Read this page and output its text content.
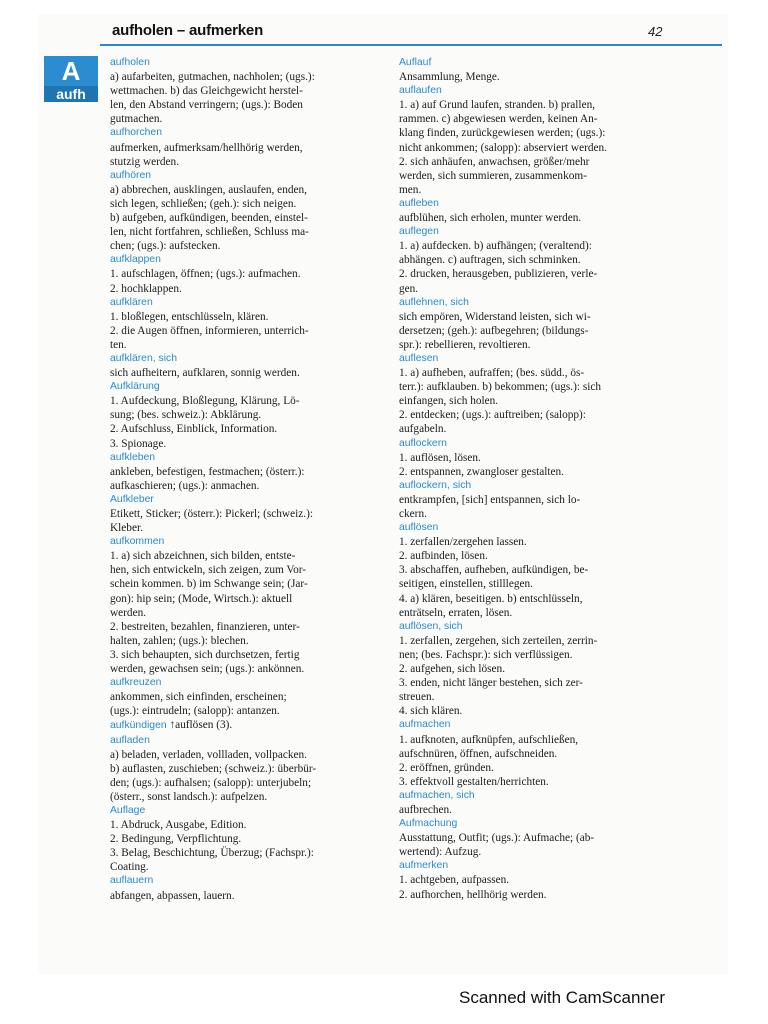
aufholen – aufmerken	42
A
aufh
aufholen
a) aufarbeiten, gutmachen, nachholen; (ugs.):
wettmachen. b) das Gleichgewicht herstel-
len, den Abstand verringern; (ugs.): Boden
gutmachen.
aufhorchen
aufmerken, aufmerksam/hellhörig werden,
stutzig werden.
aufhören
a) abbrechen, ausklingen, auslaufen, enden,
sich legen, schließen; (geh.): sich neigen.
b) aufgeben, aufkündigen, beenden, einstel-
len, nicht fortfahren, schließen, Schluss ma-
chen; (ugs.): aufstecken.
aufklappen
1. aufschlagen, öffnen; (ugs.): aufmachen.
2. hochklappen.
aufklären
1. bloßlegen, entschlüsseln, klären.
2. die Augen öffnen, informieren, unterrich-
ten.
aufklären, sich
sich aufheitern, aufklaren, sonnig werden.
Aufklärung
1. Aufdeckung, Bloßlegung, Klärung, Lö-
sung; (bes. schweiz.): Abklärung.
2. Aufschluss, Einblick, Information.
3. Spionage.
aufkleben
ankleben, befestigen, festmachen; (österr.):
aufkaschieren; (ugs.): anmachen.
Aufkleber
Etikett, Sticker; (österr.): Pickerl; (schweiz.):
Kleber.
aufkommen
1. a) sich abzeichnen, sich bilden, entste-
hen, sich entwickeln, sich zeigen, zum Vor-
schein kommen. b) im Schwange sein; (Jar-
gon): hip sein; (Mode, Wirtsch.): aktuell
werden.
2. bestreiten, bezahlen, finanzieren, unter-
halten, zahlen; (ugs.): blechen.
3. sich behaupten, sich durchsetzen, fertig
werden, gewachsen sein; (ugs.): ankönnen.
aufkreuzen
ankommen, sich einfinden, erscheinen;
(ugs.): eintrudeln; (salopp): antanzen.
aufkündigen ↑auflösen (3).
aufladen
a) beladen, verladen, vollladen, vollpacken.
b) auflasten, zuschieben; (schweiz.): überbür-
den; (ugs.): aufhalsen; (salopp): unterjubeln;
(österr., sonst landsch.): aufpelzen.
Auflage
1. Abdruck, Ausgabe, Edition.
2. Bedingung, Verpflichtung.
3. Belag, Beschichtung, Überzug; (Fachspr.):
Coating.
auflauern
abfangen, abpassen, lauern.
Auflauf
Ansammlung, Menge.
auflaufen
1. a) auf Grund laufen, stranden. b) prallen,
rammen. c) abgewiesen werden, keinen An-
klang finden, zurückgewiesen werden; (ugs.):
nicht ankommen; (salopp): abserviert werden.
2. sich anhäufen, anwachsen, größer/mehr
werden, sich summieren, zusammenkom-
men.
aufleben
aufblühen, sich erholen, munter werden.
auflegen
1. a) aufdecken. b) aufhängen; (veraltend):
abhängen. c) auftragen, sich schminken.
2. drucken, herausgeben, publizieren, verle-
gen.
auflehnen, sich
sich empören, Widerstand leisten, sich wi-
dersetzen; (geh.): aufbegehren; (bildungs-
spr.): rebellieren, revoltieren.
auflesen
1. a) aufheben, aufraffen; (bes. südd., ös-
terr.): aufklauben. b) bekommen; (ugs.): sich
einfangen, sich holen.
2. entdecken; (ugs.): auftreiben; (salopp):
aufgabeln.
auflockern
1. auflösen, lösen.
2. entspannen, zwangloser gestalten.
auflockern, sich
entkrampfen, [sich] entspannen, sich lo-
ckern.
auflösen
1. zerfallen/zergehen lassen.
2. aufbinden, lösen.
3. abschaffen, aufheben, aufkündigen, be-
seitigen, einstellen, stilllegen.
4. a) klären, beseitigen. b) entschlüsseln,
enträtseln, erraten, lösen.
auflösen, sich
1. zerfallen, zergehen, sich zerteilen, zerrin-
nen; (bes. Fachspr.): sich verflüssigen.
2. aufgehen, sich lösen.
3. enden, nicht länger bestehen, sich zer-
streuen.
4. sich klären.
aufmachen
1. aufknoten, aufknüpfen, aufschließen,
aufschnüren, öffnen, aufschneiden.
2. eröffnen, gründen.
3. effektvoll gestalten/herrichten.
aufmachen, sich
aufbrechen.
Aufmachung
Ausstattung, Outfit; (ugs.): Aufmache; (ab-
wertend): Aufzug.
aufmerken
1. achtgeben, aufpassen.
2. aufhorchen, hellhörig werden.
Scanned with CamScanner
